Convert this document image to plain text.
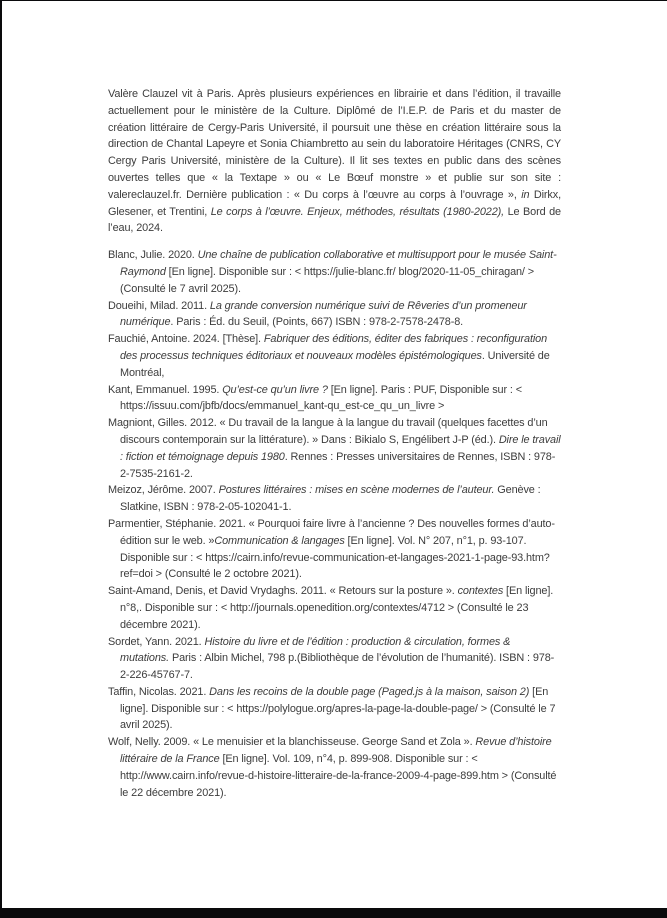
Valère Clauzel vit à Paris. Après plusieurs expériences en librairie et dans l’édition, il travaille actuellement pour le ministère de la Culture. Diplômé de l’I.E.P. de Paris et du master de création littéraire de Cergy-Paris Université, il poursuit une thèse en création littéraire sous la direction de Chantal Lapeyre et Sonia Chiambretto au sein du laboratoire Héritages (CNRS, CY Cergy Paris Université, ministère de la Culture). Il lit ses textes en public dans des scènes ouvertes telles que « la Textape » ou « Le Bœuf monstre » et publie sur son site : valereclauzel.fr. Dernière publication : « Du corps à l’œuvre au corps à l’ouvrage », in Dirkx, Glesener, et Trentini, Le corps à l’œuvre. Enjeux, méthodes, résultats (1980-2022), Le Bord de l’eau, 2024.

Blanc, Julie. 2020. Une chaîne de publication collaborative et multisupport pour le musée Saint-Raymond [En ligne]. Disponible sur : < https://julie-blanc.fr/ blog/2020-11-05_chiragan/ > (Consulté le 7 avril 2025).
Doueihi, Milad. 2011. La grande conversion numérique suivi de Rêveries d’un promeneur numérique. Paris : Éd. du Seuil, (Points, 667) ISBN : 978-2-7578-2478-8.
Fauchié, Antoine. 2024. [Thèse]. Fabriquer des éditions, éditer des fabriques : reconfiguration des processus techniques éditoriaux et nouveaux modèles épistémologiques. Université de Montréal,
Kant, Emmanuel. 1995. Qu’est-ce qu’un livre ? [En ligne]. Paris : PUF, Disponible sur : < https://issuu.com/jbfb/docs/emmanuel_kant-qu_est-ce_qu_un_livre >
Magniont, Gilles. 2012. « Du travail de la langue à la langue du travail (quelques facettes d’un discours contemporain sur la littérature). » Dans : Bikialo S, Engélibert J-P (éd.). Dire le travail : fiction et témoignage depuis 1980. Rennes : Presses universitaires de Rennes, ISBN : 978-2-7535-2161-2.
Meizoz, Jérôme. 2007. Postures littéraires : mises en scène modernes de l’auteur. Genève : Slatkine, ISBN : 978-2-05-102041-1.
Parmentier, Stéphanie. 2021. « Pourquoi faire livre à l’ancienne ? Des nouvelles formes d’auto-édition sur le web. »Communication & langages [En ligne]. Vol. N° 207, n°1, p. 93-107. Disponible sur : < https://cairn.info/revue-communication-et-langages-2021-1-page-93.htm?ref=doi > (Consulté le 2 octobre 2021).
Saint-Amand, Denis, et David Vrydaghs. 2011. « Retours sur la posture ». contextes [En ligne]. n°8,. Disponible sur : < http://journals.openedition.org/contextes/4712 > (Consulté le 23 décembre 2021).
Sordet, Yann. 2021. Histoire du livre et de l’édition : production & circulation, formes & mutations. Paris : Albin Michel, 798 p.(Bibliothèque de l’évolution de l’humanité). ISBN : 978-2-226-45767-7.
Taffin, Nicolas. 2021. Dans les recoins de la double page (Paged.js à la maison, saison 2) [En ligne]. Disponible sur : < https://polylogue.org/apres-la-page-la-double-page/ > (Consulté le 7 avril 2025).
Wolf, Nelly. 2009. « Le menuisier et la blanchisseuse. George Sand et Zola ». Revue d’histoire littéraire de la France [En ligne]. Vol. 109, n°4, p. 899-908. Disponible sur : < http://www.cairn.info/revue-d-histoire-litteraire-de-la-france-2009-4-page-899.htm > (Consulté le 22 décembre 2021).
